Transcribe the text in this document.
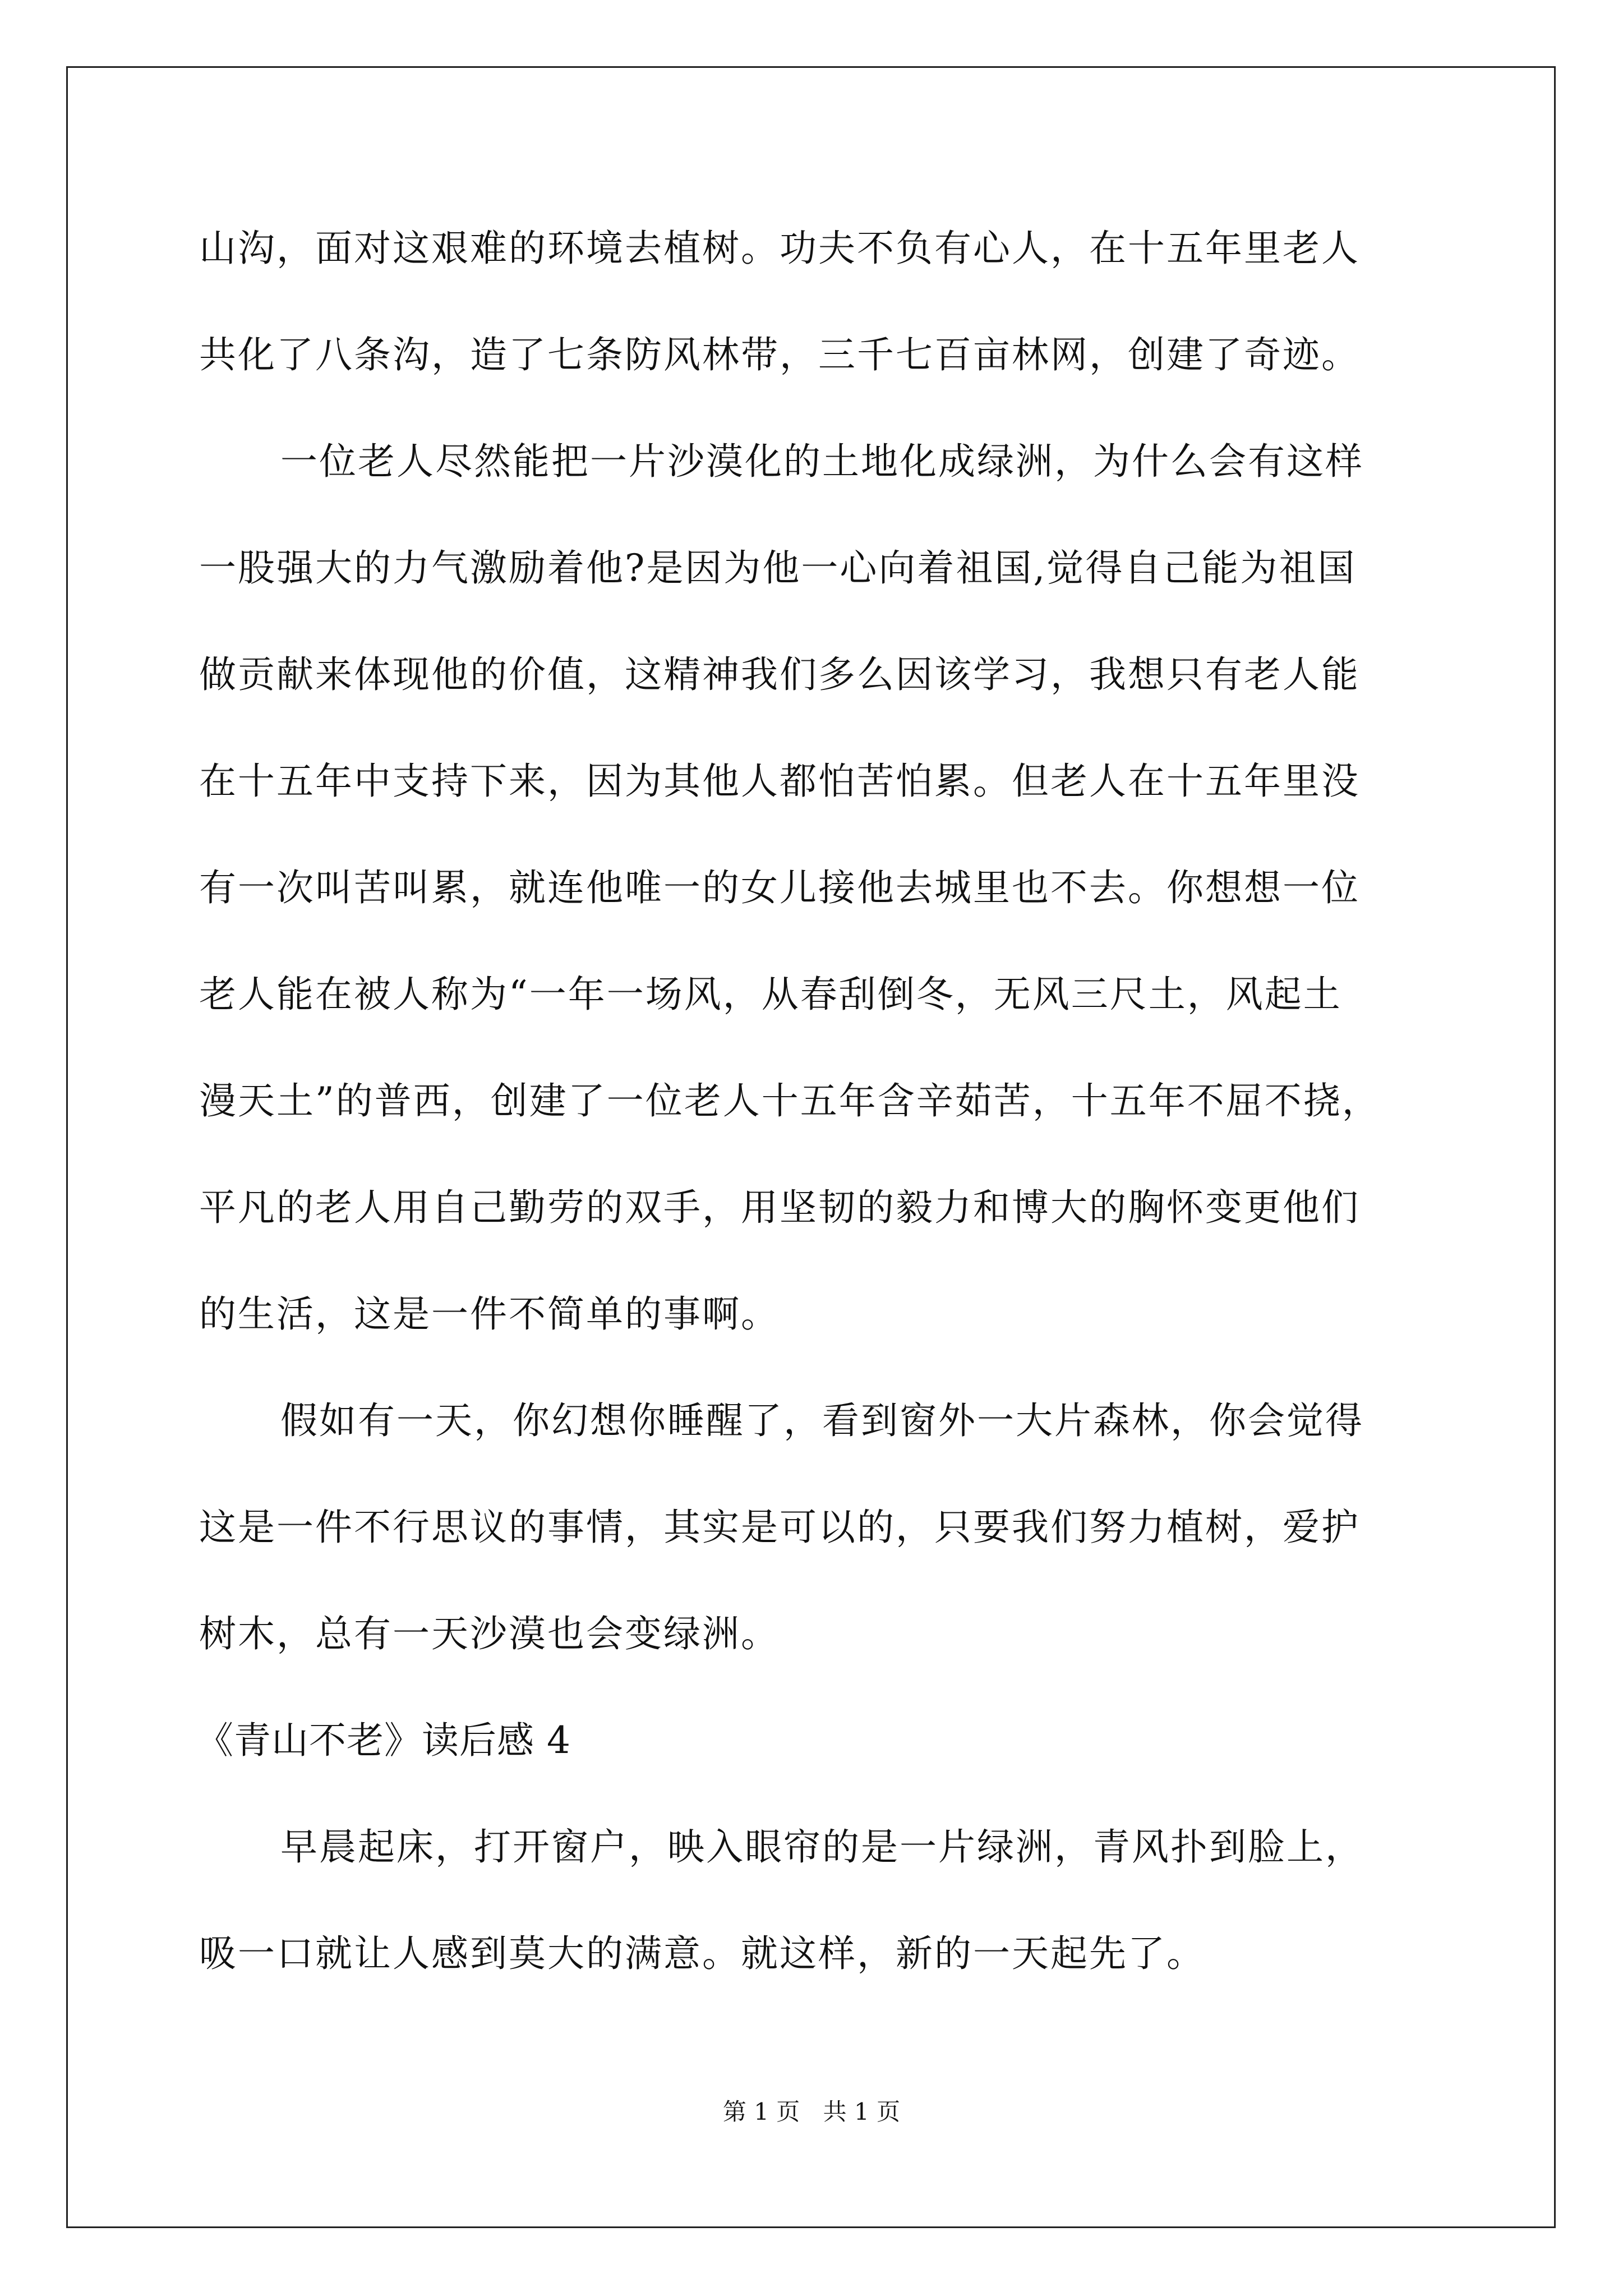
山沟，面对这艰难的环境去植树。功夫不负有心人，在十五年里老人
共化了八条沟，造了七条防风林带，三千七百亩林网，创建了奇迹。
一位老人尽然能把一片沙漠化的土地化成绿洲，为什么会有这样
一股强大的力气激励着他?是因为他一心向着祖国,觉得自己能为祖国
做贡献来体现他的价值，这精神我们多么因该学习，我想只有老人能
在十五年中支持下来，因为其他人都怕苦怕累。但老人在十五年里没
有一次叫苦叫累，就连他唯一的女儿接他去城里也不去。你想想一位
老人能在被人称为“一年一场风，从春刮倒冬，无风三尺土，风起土
漫天土”的普西，创建了一位老人十五年含辛茹苦，十五年不屈不挠，
平凡的老人用自己勤劳的双手，用坚韧的毅力和博大的胸怀变更他们
的生活，这是一件不简单的事啊。
假如有一天，你幻想你睡醒了，看到窗外一大片森林，你会觉得
这是一件不行思议的事情，其实是可以的，只要我们努力植树，爱护
树木，总有一天沙漠也会变绿洲。
《青山不老》读后感 4
早晨起床，打开窗户，映入眼帘的是一片绿洲，青风扑到脸上，
吸一口就让人感到莫大的满意。就这样，新的一天起先了。
第 1 页 共 1 页
